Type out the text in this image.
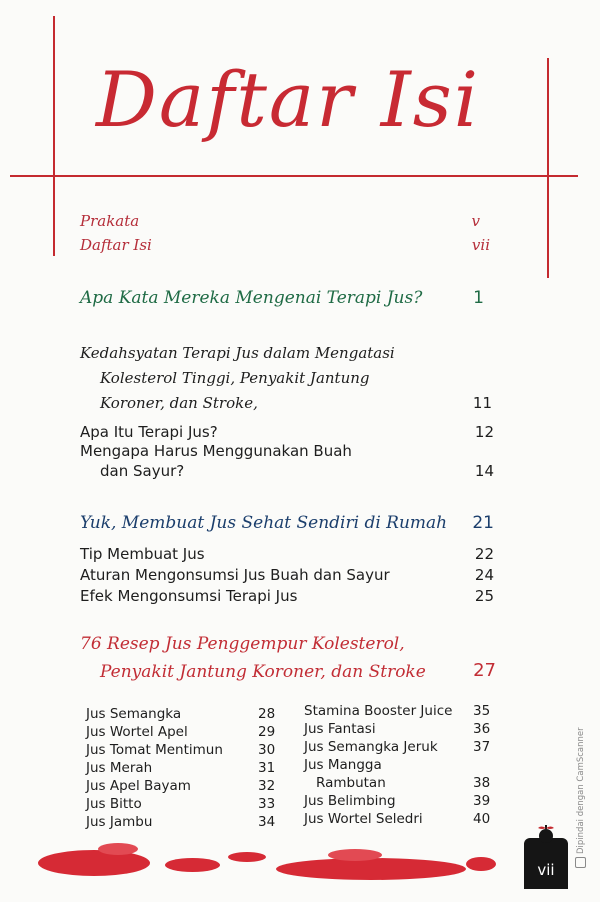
Daftar Isi
Prakata	v
Daftar Isi	vii
Apa Kata Mereka Mengenai Terapi Jus?	1
Kedahsyatan Terapi Jus dalam Mengatasi
Kolesterol Tinggi, Penyakit Jantung
Koroner, dan Stroke,	11
Apa Itu Terapi Jus?	12
Mengapa Harus Menggunakan Buah
dan Sayur?	14
Yuk, Membuat Jus Sehat Sendiri di Rumah	21
Tip Membuat Jus	22
Aturan Mengonsumsi Jus Buah dan Sayur	24
Efek Mengonsumsi Terapi Jus	25
76 Resep Jus Penggempur Kolesterol,
Penyakit Jantung Koroner, dan Stroke	27
Jus Semangka	28
Jus Wortel Apel	29
Jus Tomat Mentimun	30
Jus Merah	31
Jus Apel Bayam	32
Jus Bitto	33
Jus Jambu	34
Stamina Booster Juice 35
Jus Fantasi	36
Jus Semangka Jeruk	37
Jus Mangga
Rambutan	38
Jus Belimbing	39
Jus Wortel Seledri	40
vii
Dipindai dengan CamScanner
